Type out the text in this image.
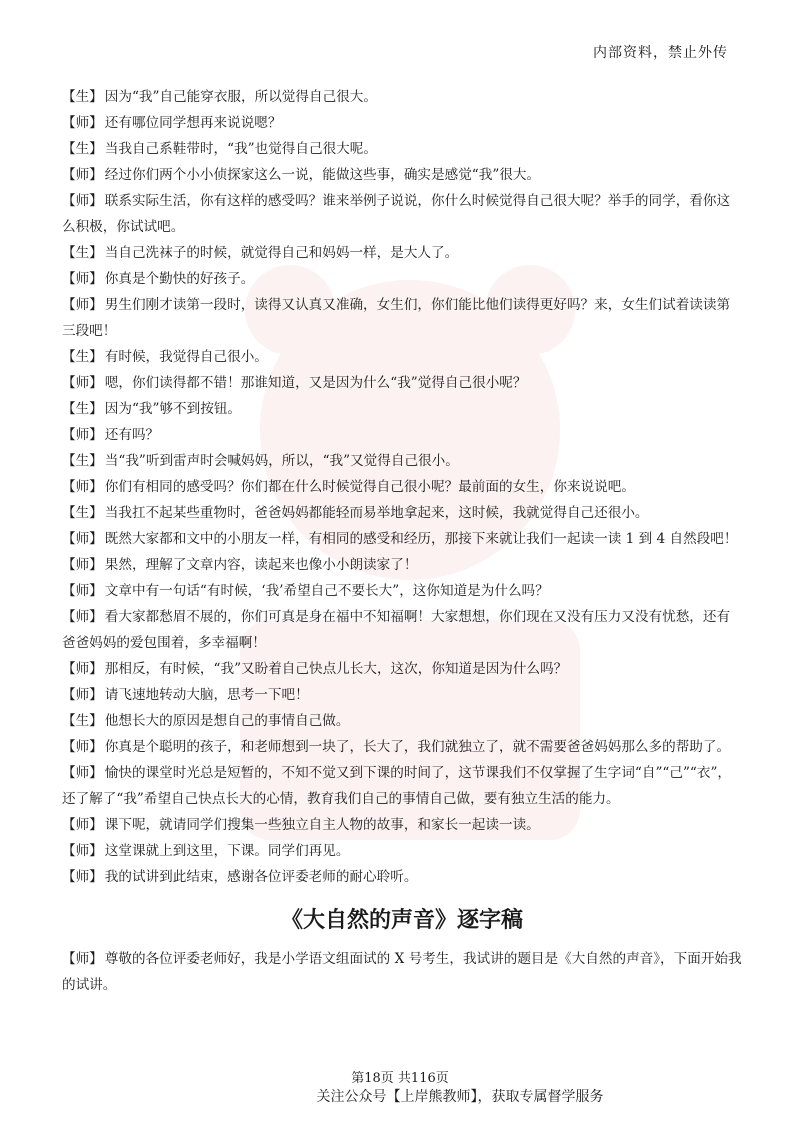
内部资料，禁止外传

【生】 因为“我”自己能穿衣服，所以觉得自己很大。

【师】 还有哪位同学想再来说说嗯？

【生】 当我自己系鞋带时，“我”也觉得自己很大呢。

【师】 经过你们两个小小侦探家这么一说，能做这些事，确实是感觉“我”很大。

【师】 联系实际生活，你有这样的感受吗？谁来举例子说说，你什么时候觉得自己很大呢？举手的同学，看你这么积极，你试试吧。

【生】 当自己洗袜子的时候，就觉得自己和妈妈一样，是大人了。

【师】 你真是个勤快的好孩子。

【师】 男生们刚才读第一段时，读得又认真又准确，女生们，你们能比他们读得更好吗？来，女生们试着读读第三段吧！

【生】 有时候，我觉得自己很小。

【师】 嗯，你们读得都不错！那谁知道，又是因为什么“我”觉得自己很小呢？

【生】 因为“我”够不到按钮。

【师】 还有吗？

【生】 当“我”听到雷声时会喊妈妈，所以，“我”又觉得自己很小。

【师】 你们有相同的感受吗？你们都在什么时候觉得自己很小呢？最前面的女生，你来说说吧。

【生】 当我扛不起某些重物时，爸爸妈妈都能轻而易举地拿起来，这时候，我就觉得自己还很小。

【师】 既然大家都和文中的小朋友一样，有相同的感受和经历，那接下来就让我们一起读一读 1 到 4 自然段吧！

【师】 果然，理解了文章内容，读起来也像小小朗读家了！

【师】 文章中有一句话“有时候，‘我’希望自己不要长大”，这你知道是为什么吗？

【师】 看大家都愁眉不展的，你们可真是身在福中不知福啊！大家想想，你们现在又没有压力又没有忧愁，还有爸爸妈妈的爱包围着，多幸福啊！

【师】 那相反，有时候，“我”又盼着自己快点儿长大，这次，你知道是因为什么吗？

【师】 请飞速地转动大脑，思考一下吧！

【生】 他想长大的原因是想自己的事情自己做。

【师】 你真是个聪明的孩子，和老师想到一块了，长大了，我们就独立了，就不需要爸爸妈妈那么多的帮助了。

【师】 愉快的课堂时光总是短暂的，不知不觉又到下课的时间了，这节课我们不仅掌握了生字词“自”“己”“衣”，还了解了“我”希望自己快点长大的心情，教育我们自己的事情自己做，要有独立生活的能力。

【师】 课下呢，就请同学们搜集一些独立自主人物的故事，和家长一起读一读。

【师】 这堂课就上到这里，下课。同学们再见。

【师】 我的试讲到此结束，感谢各位评委老师的耐心聆听。

《大自然的声音》逐字稿

【师】 尊敬的各位评委老师好，我是小学语文组面试的 X 号考生，我试讲的题目是《大自然的声音》，下面开始我的试讲。

第18页 共116页
关注公众号【上岸熊教师】，获取专属督学服务
